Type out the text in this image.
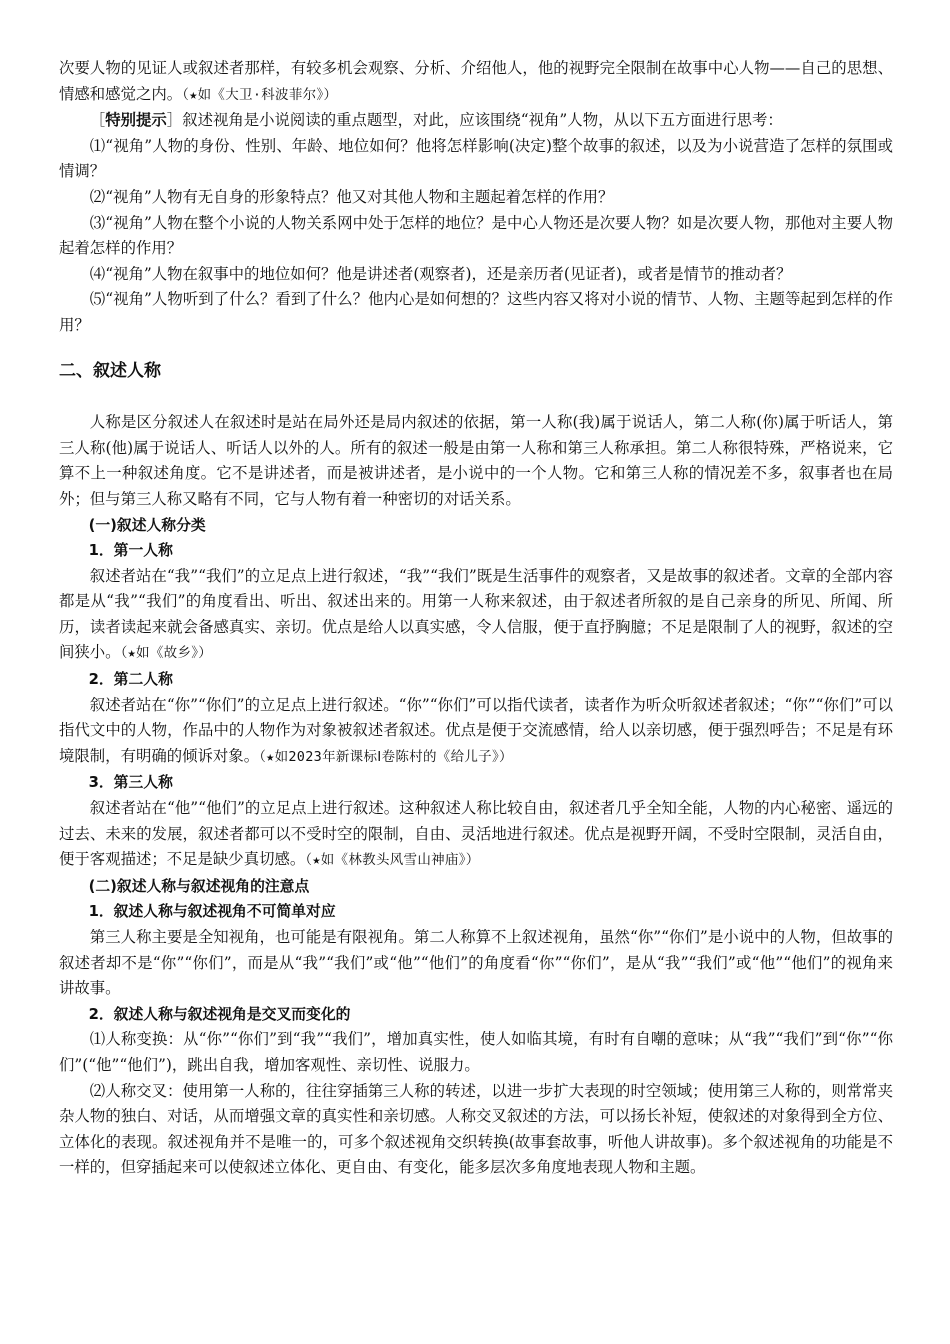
次要人物的见证人或叙述者那样，有较多机会观察、分析、介绍他人，他的视野完全限制在故事中心人物——自己的思想、情感和感觉之内。（★如《大卫·科波菲尔》）

［特别提示］叙述视角是小说阅读的重点题型，对此，应该围绕“视角”人物，从以下五方面进行思考：

⑴“视角”人物的身份、性别、年龄、地位如何？他将怎样影响(决定)整个故事的叙述，以及为小说营造了怎样的氛围或情调？

⑵“视角”人物有无自身的形象特点？他又对其他人物和主题起着怎样的作用？

⑶“视角”人物在整个小说的人物关系网中处于怎样的地位？是中心人物还是次要人物？如是次要人物，那他对主要人物起着怎样的作用？

⑷“视角”人物在叙事中的地位如何？他是讲述者(观察者)，还是亲历者(见证者)，或者是情节的推动者？

⑸“视角”人物听到了什么？看到了什么？他内心是如何想的？这些内容又将对小说的情节、人物、主题等起到怎样的作用？

二、叙述人称

人称是区分叙述人在叙述时是站在局外还是局内叙述的依据，第一人称(我)属于说话人，第二人称(你)属于听话人，第三人称(他)属于说话人、听话人以外的人。所有的叙述一般是由第一人称和第三人称承担。第二人称很特殊，严格说来，它算不上一种叙述角度。它不是讲述者，而是被讲述者，是小说中的一个人物。它和第三人称的情况差不多，叙事者也在局外；但与第三人称又略有不同，它与人物有着一种密切的对话关系。

(一)叙述人称分类

1．第一人称

叙述者站在“我”“我们”的立足点上进行叙述，“我”“我们”既是生活事件的观察者，又是故事的叙述者。文章的全部内容都是从“我”“我们”的角度看出、听出、叙述出来的。用第一人称来叙述，由于叙述者所叙的是自己亲身的所见、所闻、所历，读者读起来就会备感真实、亲切。优点是给人以真实感，令人信服，便于直抒胸臆；不足是限制了人的视野，叙述的空间狭小。（★如《故乡》）

2．第二人称

叙述者站在“你”“你们”的立足点上进行叙述。“你”“你们”可以指代读者，读者作为听众听叙述者叙述；“你”“你们”可以指代文中的人物，作品中的人物作为对象被叙述者叙述。优点是便于交流感情，给人以亲切感，便于强烈呼告；不足是有环境限制，有明确的倾诉对象。（★如2023年新课标Ⅰ卷陈村的《给儿子》）

3．第三人称

叙述者站在“他”“他们”的立足点上进行叙述。这种叙述人称比较自由，叙述者几乎全知全能，人物的内心秘密、遥远的过去、未来的发展，叙述者都可以不受时空的限制，自由、灵活地进行叙述。优点是视野开阔，不受时空限制，灵活自由，便于客观描述；不足是缺少真切感。（★如《林教头风雪山神庙》）

(二)叙述人称与叙述视角的注意点

1．叙述人称与叙述视角不可简单对应

第三人称主要是全知视角，也可能是有限视角。第二人称算不上叙述视角，虽然“你”“你们”是小说中的人物，但故事的叙述者却不是“你”“你们”，而是从“我”“我们”或“他”“他们”的角度看“你”“你们”，是从“我”“我们”或“他”“他们”的视角来讲故事。

2．叙述人称与叙述视角是交叉而变化的

⑴人称变换：从“你”“你们”到“我”“我们”，增加真实性，使人如临其境，有时有自嘲的意味；从“我”“我们”到“你”“你们”(“他”“他们”)，跳出自我，增加客观性、亲切性、说服力。

⑵人称交叉：使用第一人称的，往往穿插第三人称的转述，以进一步扩大表现的时空领域；使用第三人称的，则常常夹杂人物的独白、对话，从而增强文章的真实性和亲切感。人称交叉叙述的方法，可以扬长补短，使叙述的对象得到全方位、立体化的表现。叙述视角并不是唯一的，可多个叙述视角交织转换(故事套故事，听他人讲故事)。多个叙述视角的功能是不一样的，但穿插起来可以使叙述立体化、更自由、有变化，能多层次多角度地表现人物和主题。
